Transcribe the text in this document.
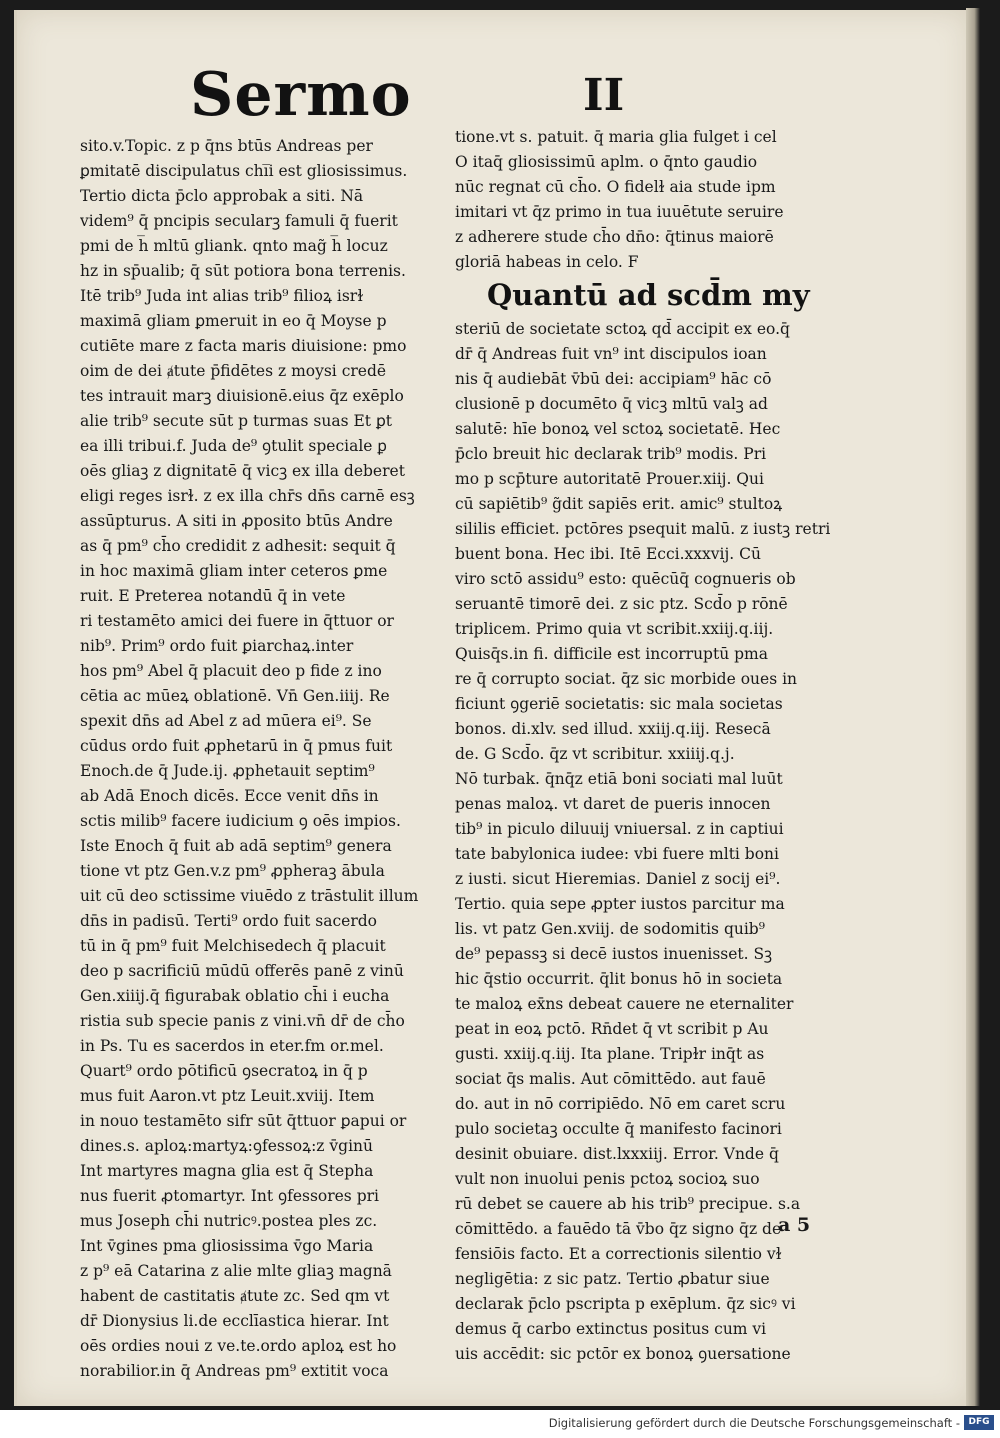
Sermo	II
sito.v.Topic. z p q̄ns btūs Andreas per
ꝑmitatē discipulatus chi̅i est gliosissimus.
Tertio dicta p̄clo approbak a siti. Nā
videm⁹ q̄ pncipis secularꝫ famuli q̄ fuerit
pmi de h̅ mltū gliank. qnto mag̃ h̅ locuz
hz in sp̄ualib; q̄ sūt potiora bona terrenis.
Itē trib⁹ Juda int alias trib⁹ filioꝝ isrɫ
maximā gliam ꝑmeruit in eo q̄ Moyse p
cutiēte mare z facta maris diuisione: pmo
oim de dei ⱥtute p̄fidētes z moysi credē
tes intrauit marꝫ diuisionē.eius q̄z exēplo
alie trib⁹ secute sūt p turmas suas Et ꝑt
ea illi tribui.f. Juda de⁹ ꝯtulit speciale ꝑ
oēs gliaꝫ z dignitatē q̄ vicꝫ ex illa deberet
eligi reges isrɫ. z ex illa chr̄s dn̄s carnē esꝫ
assūpturus. A siti in ꝓposito btūs Andre
as q̄ pm⁹ ch̄o credidit z adhesit: sequit q̄
in hoc maximā gliam inter ceteros ꝑme
ruit. E Preterea notandū q̄ in vete
ri testamēto amici dei fuere in q̄ttuor or
nib⁹. Prim⁹ ordo fuit ꝑiarchaꝝ.inter
hos pm⁹ Abel q̄ placuit deo p fide z ino
cētia ac mūeꝝ oblationē. Vn̄ Gen.iiij. Re
spexit dn̄s ad Abel z ad mūera ei⁹. Se
cūdus ordo fuit ꝓphetarū in q̄ pmus fuit
Enoch.de q̄ Jude.ij. ꝓphetauit septim⁹
ab Adā Enoch dicēs. Ecce venit dn̄s in
sctis milib⁹ facere iudicium ꝯ oēs impios.
Iste Enoch q̄ fuit ab adā septim⁹ genera
tione vt ptz Gen.v.z pm⁹ ꝓpheraꝫ ābula
uit cū deo sctissime viuēdo z trāstulit illum
dn̄s in padisū. Terti⁹ ordo fuit sacerdo
tū in q̄ pm⁹ fuit Melchisedech q̄ placuit
deo p sacrificiū mūdū offerēs panē z vinū
Gen.xiiij.q̄ figurabak oblatio ch̄i i eucha
ristia sub specie panis z vini.vn̄ dr̄ de ch̄o
in Ps. Tu es sacerdos in eter.fm or.mel.
Quart⁹ ordo pōtificū ꝯsecratoꝝ in q̄ p
mus fuit Aaron.vt ptz Leuit.xviij. Item
in nouo testamēto sifr sūt q̄ttuor ꝑapui or
dines.s. aploꝝ:martyꝝ:ꝯfessoꝝ:z v̄ginū
Int martyres magna glia est q̄ Stepha
nus fuerit ꝓtomartyr. Int ꝯfessores pri
mus Joseph ch̄i nutricꝰ.postea ples zc.
Int v̄gines pma gliosissima v̄go Maria
z p⁹ eā Catarina z alie mlte gliaꝫ magnā
habent de castitatis ⱥtute zc. Sed qm vt
dr̄ Dionysius li.de ecclīastica hierar. Int
oēs ordies noui z ve.te.ordo aploꝝ est ho
norabilior.in q̄ Andreas pm⁹ extitit voca
tione.vt s. patuit. q̄ maria glia fulget i cel
O itaq̄ gliosissimū aplm. o q̄nto gaudio
nūc regnat cū ch̄o. O fidelɫ aia stude ipm
imitari vt q̄z primo in tua iuuētute seruire
z adherere stude ch̄o dn̄o: q̄tinus maiorē
gloriā habeas in celo. F
Quantū ad scd̄m my
steriū de societate sctoꝝ qd̄ accipit ex eo.q̄
dr̄ q̄ Andreas fuit vn⁹ int discipulos ioan
nis q̄ audiebāt v̄bū dei: accipiam⁹ hāc cō
clusionē p documēto q̄ vicꝫ mltū valꝫ ad
salutē: hīe bonoꝝ vel sctoꝝ societatē. Hec
p̄clo breuit hic declarak trib⁹ modis. Pri
mo p scp̄ture autoritatē Prouer.xiij. Qui
cū sapiētib⁹ g̃dit sapiēs erit. amic⁹ stultoꝝ
sililis efficiet. pctōres psequit malū. z iustꝫ retri
buent bona. Hec ibi. Itē Ecci.xxxvij. Cū
viro sctō assidu⁹ esto: quēcūq̄ cognueris ob
seruantē timorē dei. z sic ptz. Scd̄o p rōnē
triplicem. Primo quia vt scribit.xxiij.q.iij.
Quisq̄s.in fi. difficile est incorruptū pma
re q̄ corrupto sociat. q̄z sic morbide oues in
ficiunt ꝯgeriē societatis: sic mala societas
bonos. di.xlv. sed illud. xxiij.q.iij. Resecā
de. G Scd̄o. q̄z vt scribitur. xxiiij.q.j.
Nō turbak. q̄nq̄z etiā boni sociati mal luūt
penas maloꝝ. vt daret de pueris innocen
tib⁹ in piculo diluuij vniuersal. z in captiui
tate babylonica iudee: vbi fuere mlti boni
z iusti. sicut Hieremias. Daniel z socij ei⁹.
Tertio. quia sepe ꝓpter iustos parcitur ma
lis. vt patz Gen.xviij. de sodomitis quib⁹
de⁹ pepassꝫ si decē iustos inuenisset. Sꝫ
hic q̄stio occurrit. q̄lit bonus hō in societa
te maloꝝ ex̄ns debeat cauere ne eternaliter
peat in eoꝝ pctō. Rn̄det q̄ vt scribit p Au
gusti. xxiij.q.iij. Ita plane. Tripɫr inq̄t as
sociat q̄s malis. Aut cōmittēdo. aut fauē
do. aut in nō corripiēdo. Nō em caret scru
pulo societaꝫ occulte q̄ manifesto facinori
desinit obuiare. dist.lxxxiij. Error. Vnde q̄
vult non inuolui penis pctoꝝ socioꝝ suo
rū debet se cauere ab his trib⁹ precipue. s.a
cōmittēdo. a fauēdo tā v̄bo q̄z signo q̄z de
fensiōis facto. Et a correctionis silentio vɫ
negligētia: z sic patz. Tertio ꝓbatur siue
declarak p̄clo pscripta p exēplum. q̄z sicꝰ vi
demus q̄ carbo extinctus positus cum vi
uis accēdit: sic pctōr ex bonoꝝ ꝯuersatione
a 5
Digitalisierung gefördert durch die Deutsche Forschungsgemeinschaft - DFG
